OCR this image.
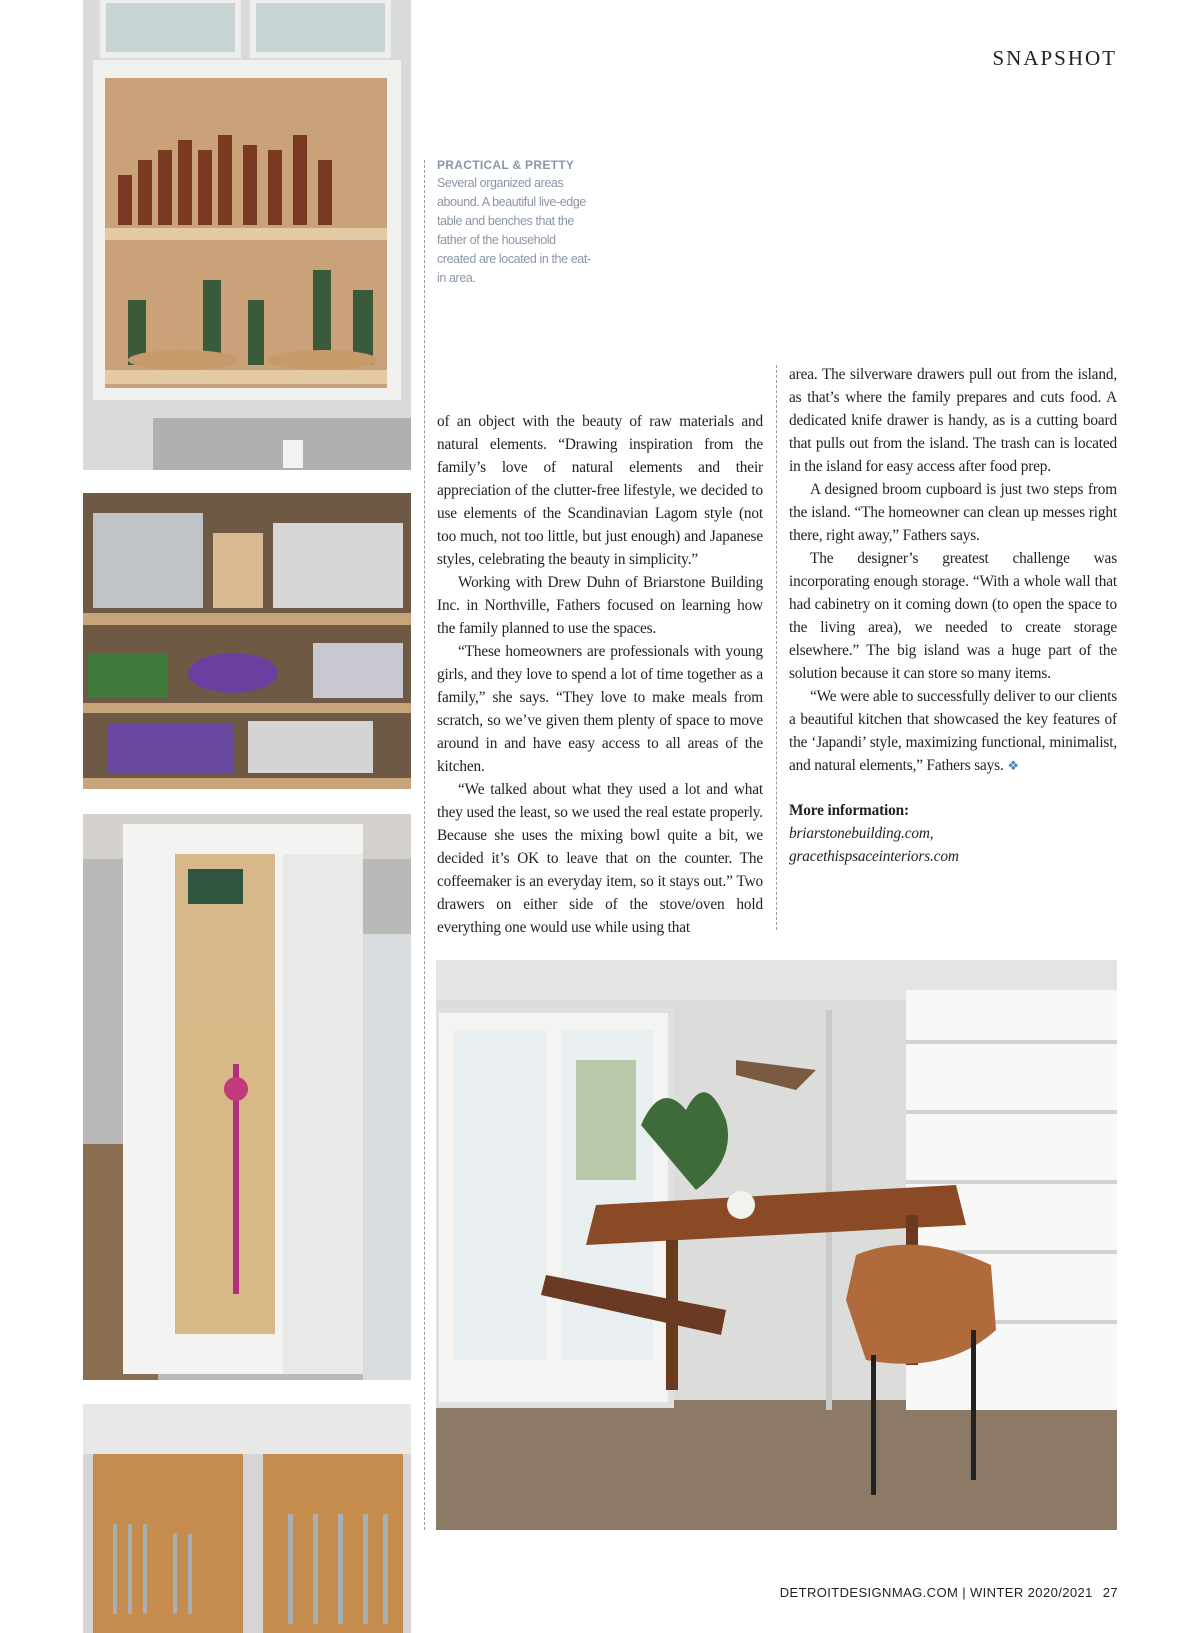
SNAPSHOT
PRACTICAL & PRETTY
Several organized areas abound. A beautiful live-edge table and benches that the father of the household created are located in the eat-in area.

of an object with the beauty of raw materials and natural elements. “Drawing inspiration from the family’s love of natural elements and their appreciation of the clutter-free lifestyle, we decided to use elements of the Scandinavian Lagom style (not too much, not too little, but just enough) and Japanese styles, celebrating the beauty in simplicity.”

Working with Drew Duhn of Briarstone Building Inc. in Northville, Fathers focused on learning how the family planned to use the spaces.

“These homeowners are professionals with young girls, and they love to spend a lot of time together as a family,” she says. “They love to make meals from scratch, so we’ve given them plenty of space to move around in and have easy access to all areas of the kitchen.

“We talked about what they used a lot and what they used the least, so we used the real estate properly. Because she uses the mixing bowl quite a bit, we decided it’s OK to leave that on the counter. The coffeemaker is an everyday item, so it stays out.” Two drawers on either side of the stove/oven hold everything one would use while using that

area. The silverware drawers pull out from the island, as that’s where the family prepares and cuts food. A dedicated knife drawer is handy, as is a cutting board that pulls out from the island. The trash can is located in the island for easy access after food prep.

A designed broom cupboard is just two steps from the island. “The homeowner can clean up messes right there, right away,” Fathers says.

The designer’s greatest challenge was incorporating enough storage. “With a whole wall that had cabinetry on it coming down (to open the space to the living area), we needed to create storage elsewhere.” The big island was a huge part of the solution because it can store so many items.

“We were able to successfully deliver to our clients a beautiful kitchen that showcased the key features of the ‘Japandi’ style, maximizing functional, minimalist, and natural elements,” Fathers says. ❖

More information:
briarstonebuilding.com,
gracethispsaceinteriors.com

DETROITDESIGNMAG.COM | WINTER 2020/2021 27
